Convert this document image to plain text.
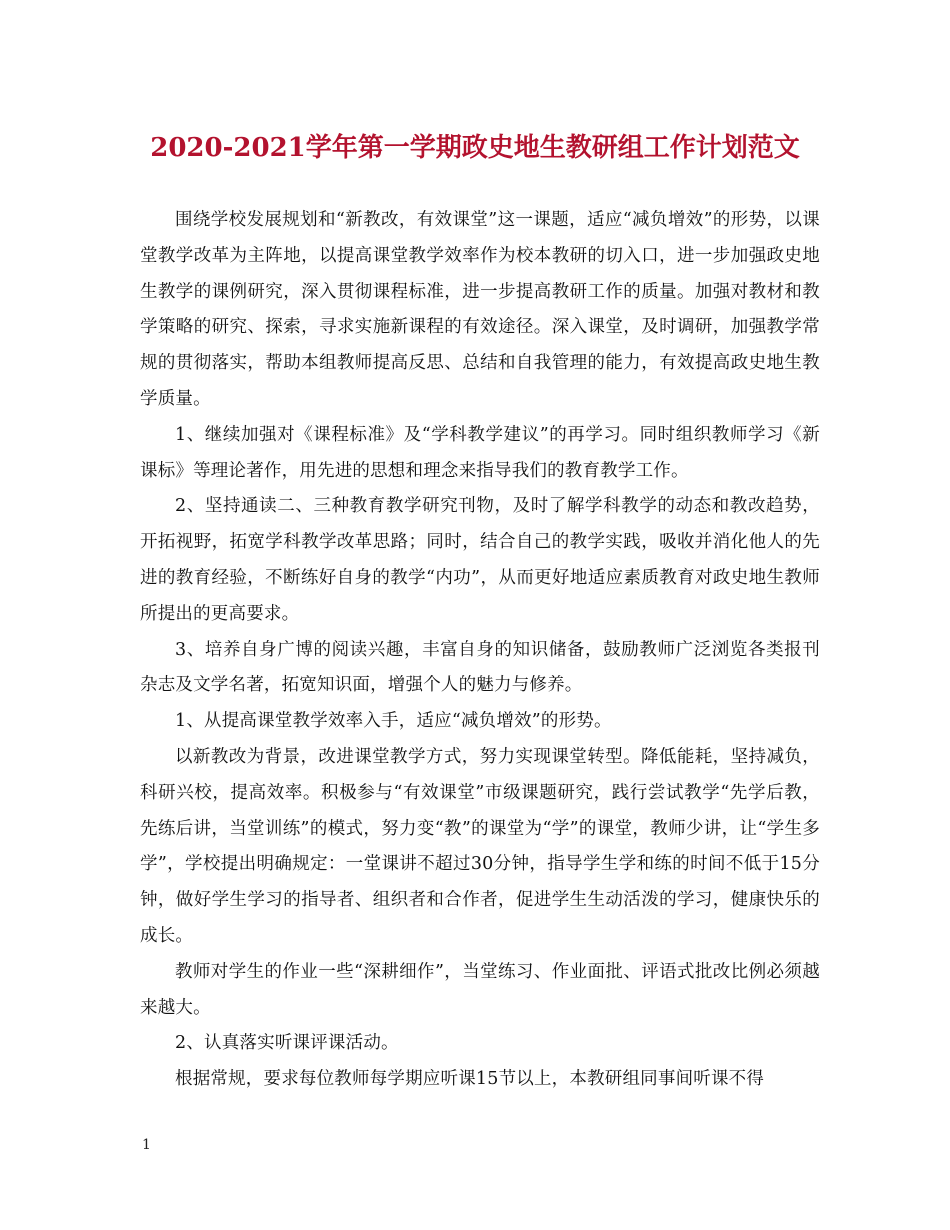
2020-2021学年第一学期政史地生教研组工作计划范文

围绕学校发展规划和“新教改，有效课堂”这一课题，适应“减负增效”的形势，以课堂教学改革为主阵地，以提高课堂教学效率作为校本教研的切入口，进一步加强政史地生教学的课例研究，深入贯彻课程标准，进一步提高教研工作的质量。加强对教材和教学策略的研究、探索，寻求实施新课程的有效途径。深入课堂，及时调研，加强教学常规的贯彻落实，帮助本组教师提高反思、总结和自我管理的能力，有效提高政史地生教学质量。

1、继续加强对《课程标准》及“学科教学建议”的再学习。同时组织教师学习《新课标》等理论著作，用先进的思想和理念来指导我们的教育教学工作。

2、坚持通读二、三种教育教学研究刊物，及时了解学科教学的动态和教改趋势，开拓视野，拓宽学科教学改革思路；同时，结合自己的教学实践，吸收并消化他人的先进的教育经验，不断练好自身的教学“内功”，从而更好地适应素质教育对政史地生教师所提出的更高要求。

3、培养自身广博的阅读兴趣，丰富自身的知识储备，鼓励教师广泛浏览各类报刊杂志及文学名著，拓宽知识面，增强个人的魅力与修养。

1、从提高课堂教学效率入手，适应“减负增效”的形势。

以新教改为背景，改进课堂教学方式，努力实现课堂转型。降低能耗，坚持减负，科研兴校，提高效率。积极参与“有效课堂”市级课题研究，践行尝试教学“先学后教，先练后讲，当堂训练”的模式，努力变“教”的课堂为“学”的课堂，教师少讲，让“学生多学”，学校提出明确规定：一堂课讲不超过30分钟，指导学生学和练的时间不低于15分钟，做好学生学习的指导者、组织者和合作者，促进学生生动活泼的学习，健康快乐的成长。

教师对学生的作业一些“深耕细作”，当堂练习、作业面批、评语式批改比例必须越来越大。

2、认真落实听课评课活动。

根据常规，要求每位教师每学期应听课15节以上，本教研组同事间听课不得

1
